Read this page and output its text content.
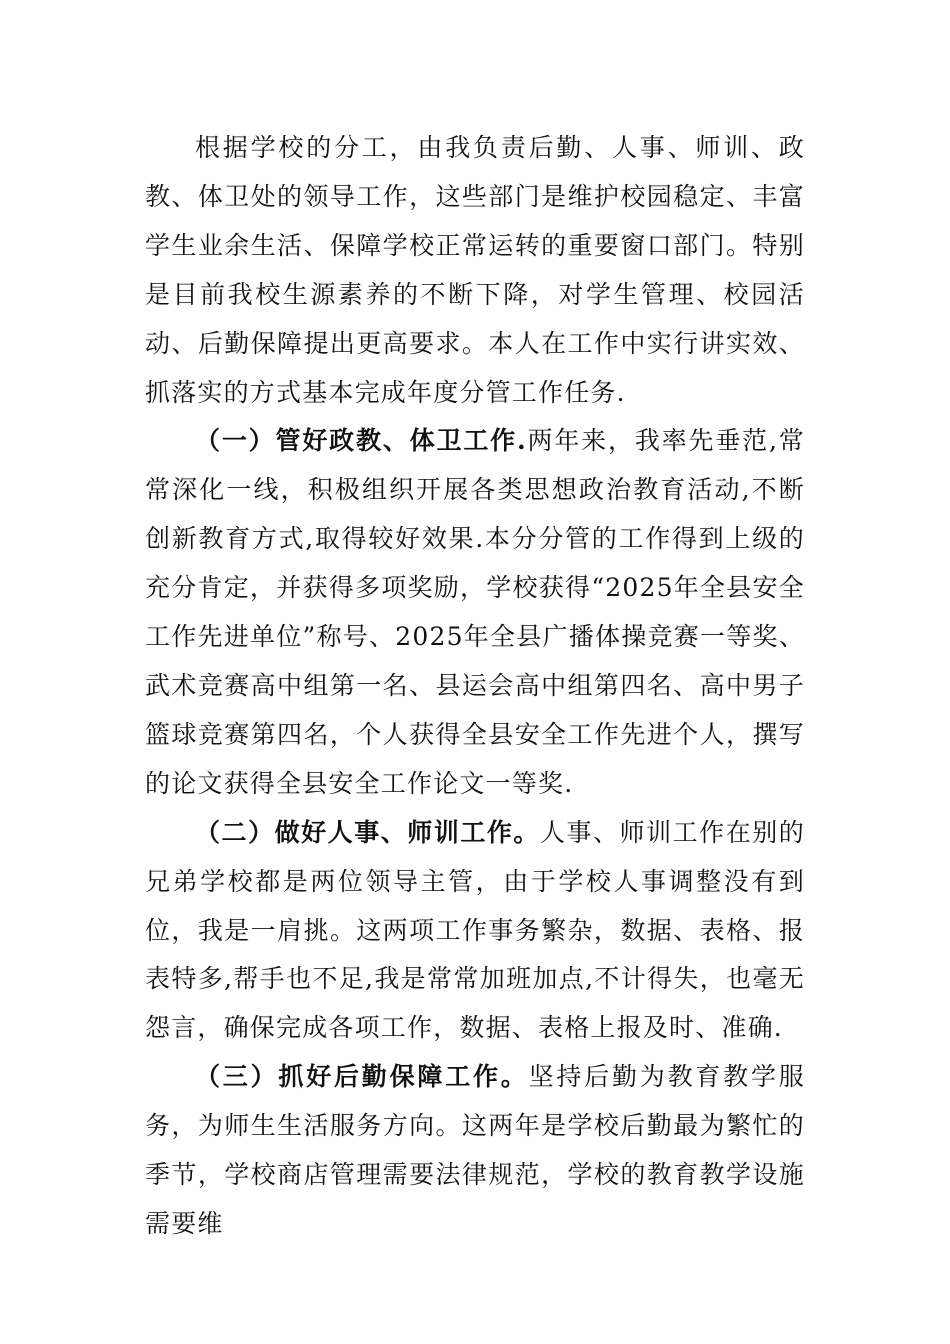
根据学校的分工，由我负责后勤、人事、师训、政教、体卫处的领导工作，这些部门是维护校园稳定、丰富学生业余生活、保障学校正常运转的重要窗口部门。特别是目前我校生源素养的不断下降，对学生管理、校园活动、后勤保障提出更高要求。本人在工作中实行讲实效、抓落实的方式基本完成年度分管工作任务.

（一）管好政教、体卫工作.两年来，我率先垂范,常常深化一线，积极组织开展各类思想政治教育活动,不断创新教育方式,取得较好效果.本分分管的工作得到上级的充分肯定，并获得多项奖励，学校获得“2025年全县安全工作先进单位”称号、2025年全县广播体操竞赛一等奖、武术竞赛高中组第一名、县运会高中组第四名、高中男子篮球竞赛第四名，个人获得全县安全工作先进个人，撰写的论文获得全县安全工作论文一等奖.

（二）做好人事、师训工作。人事、师训工作在别的兄弟学校都是两位领导主管，由于学校人事调整没有到位，我是一肩挑。这两项工作事务繁杂，数据、表格、报表特多,帮手也不足,我是常常加班加点,不计得失，也毫无怨言，确保完成各项工作，数据、表格上报及时、准确.

（三）抓好后勤保障工作。坚持后勤为教育教学服务，为师生生活服务方向。这两年是学校后勤最为繁忙的季节，学校商店管理需要法律规范，学校的教育教学设施需要维
